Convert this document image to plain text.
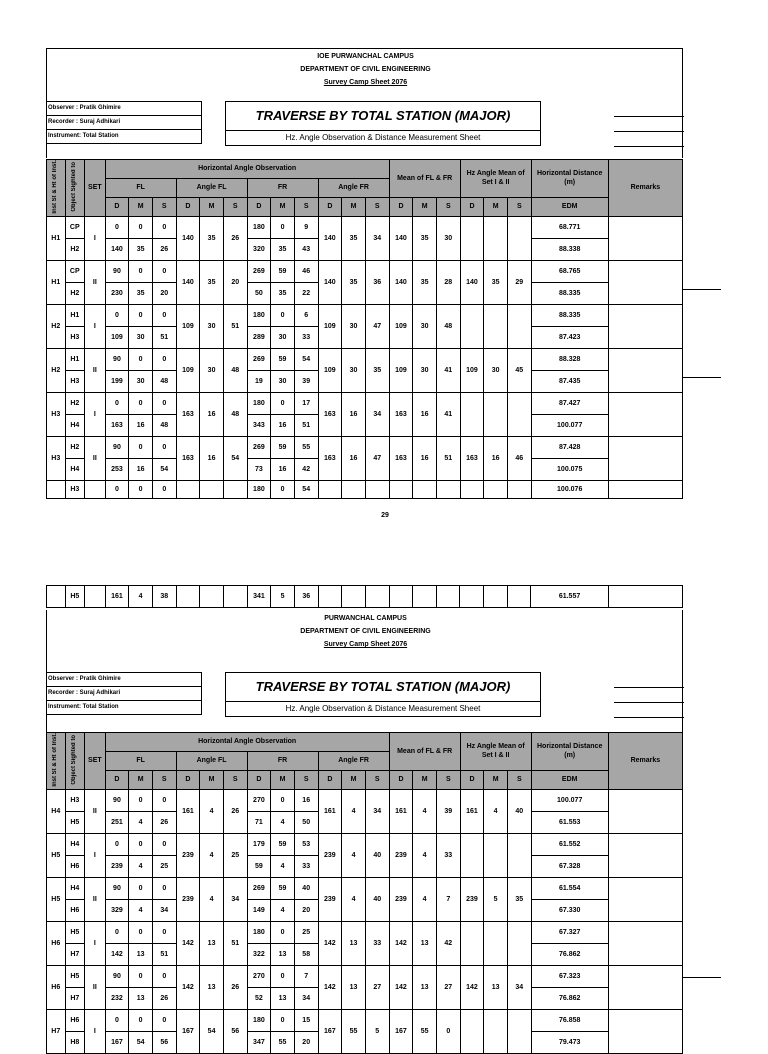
IOE PURWANCHAL CAMPUS
DEPARTMENT OF CIVIL ENGINEERING
Survey Camp Sheet 2076
Observer : Pratik Ghimire
Recorder : Suraj Adhikari
Instrument: Total Station
TRAVERSE BY TOTAL STATION (MAJOR)
Hz. Angle Observation & Distance Measurement Sheet
Inst St & Ht of Inst.	Object Sighted to	SET	Horizontal Angle Observation												Mean of FL & FR			Hz Angle Mean of Set I & II			Horizontal Distance (m)	Remarks
			FL			Angle FL			FR			Angle FR										
			D	M	S	D	M	S	D	M	S	D	M	S	D	M	S	D	M	S	EDM	
H1	CP	I	0	0	0	140	35	26	180	0	9	140	35	34	140	35	30				68.771	
	H2		140	35	26				320	35	43										88.338	
H1	CP	II	90	0	0	140	35	20	269	59	46	140	35	36	140	35	28	140	35	29	68.765	
	H2		230	35	20				50	35	22										88.335	
H2	H1	I	0	0	0	109	30	51	180	0	6	109	30	47	109	30	48				88.335	
	H3		109	30	51				289	30	33										87.423	
H2	H1	II	90	0	0	109	30	48	269	59	54	109	30	35	109	30	41	109	30	45	88.328	
	H3		199	30	48				19	30	39										87.435	
H3	H2	I	0	0	0	163	16	48	180	0	17	163	16	34	163	16	41				87.427	
	H4		163	16	48				343	16	51										100.077	
H3	H2	II	90	0	0	163	16	54	269	59	55	163	16	47	163	16	51	163	16	46	87.428	
	H4		253	16	54				73	16	42										100.075	
	H3		0	0	0				180	0	54										100.076	
29
	H5		161	4	38				341	5	36										61.557	
PURWANCHAL CAMPUS
DEPARTMENT OF CIVIL ENGINEERING
Survey Camp Sheet 2076
Observer : Pratik Ghimire
Recorder : Suraj Adhikari
Instrument: Total Station
TRAVERSE BY TOTAL STATION (MAJOR)
Hz. Angle Observation & Distance Measurement Sheet
Inst St & Ht of Inst.	Object Sighted to	SET	Horizontal Angle Observation												Mean of FL & FR			Hz Angle Mean of Set I & II			Horizontal Distance (m)	Remarks
			FL			Angle FL			FR			Angle FR										
			D	M	S	D	M	S	D	M	S	D	M	S	D	M	S	D	M	S	EDM	
H4	H3	II	90	0	0	161	4	26	270	0	16	161	4	34	161	4	39	161	4	40	100.077	
	H5		251	4	26				71	4	50										61.553	
H5	H4	I	0	0	0	239	4	25	179	59	53	239	4	40	239	4	33				61.552	
	H6		239	4	25				59	4	33										67.328	
H5	H4	II	90	0	0	239	4	34	269	59	40	239	4	40	239	4	7	239	5	35	61.554	
	H6		329	4	34				149	4	20										67.330	
H6	H5	I	0	0	0	142	13	51	180	0	25	142	13	33	142	13	42				67.327	
	H7		142	13	51				322	13	58										76.862	
H6	H5	II	90	0	0	142	13	26	270	0	7	142	13	27	142	13	27	142	13	34	67.323	
	H7		232	13	26				52	13	34										76.862	
H7	H6	I	0	0	0	167	54	56	180	0	15	167	55	5	167	55	0				76.858	
	H8		167	54	56				347	55	20										79.473	
